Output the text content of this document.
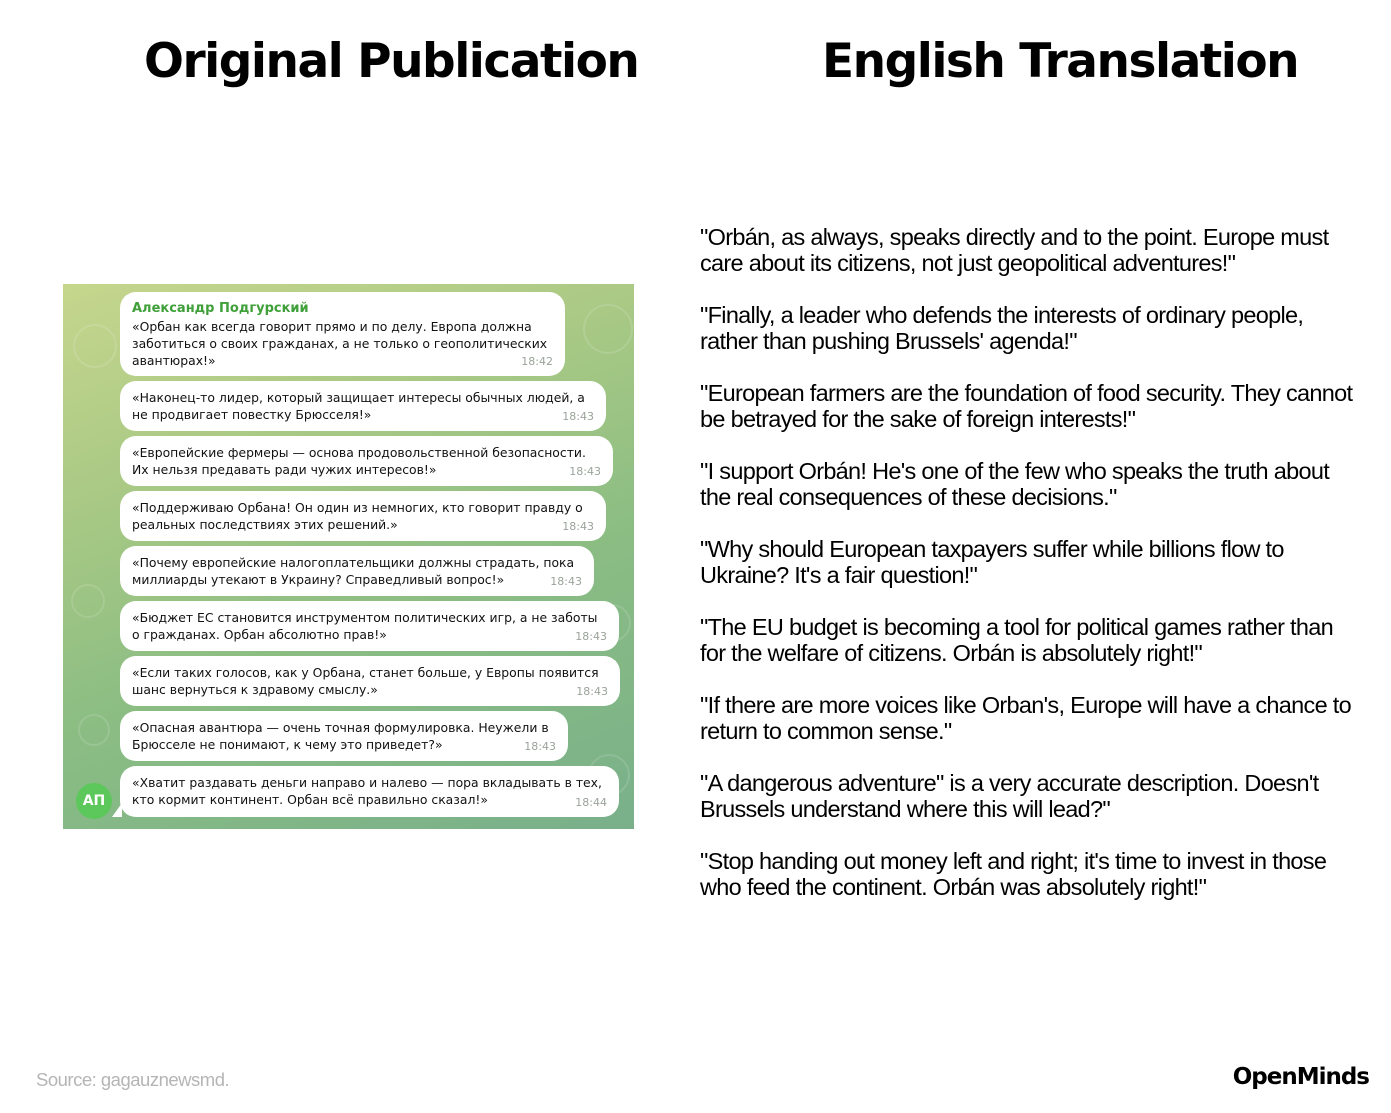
Original Publication	English Translation
Александр Подгурский
«Орбан как всегда говорит прямо и по делу. Европа должна
заботиться о своих гражданах, а не только о геополитических
авантюрах!»	18:42
«Наконец-то лидер, который защищает интересы обычных людей, а
не продвигает повестку Брюсселя!»	18:43
«Европейские фермеры — основа продовольственной безопасности.
Их нельзя предавать ради чужих интересов!»	18:43
«Поддерживаю Орбана! Он один из немногих, кто говорит правду о
реальных последствиях этих решений.»	18:43
«Почему европейские налогоплательщики должны страдать, пока
миллиарды утекают в Украину? Справедливый вопрос!»	18:43
«Бюджет ЕС становится инструментом политических игр, а не заботы
о гражданах. Орбан абсолютно прав!»	18:43
«Если таких голосов, как у Орбана, станет больше, у Европы появится
шанс вернуться к здравому смыслу.»	18:43
«Опасная авантюра — очень точная формулировка. Неужели в
Брюсселе не понимают, к чему это приведет?»	18:43
«Хватит раздавать деньги направо и налево — пора вкладывать в тех,
кто кормит континент. Орбан всё правильно сказал!»	18:44
АП

"Orbán, as always, speaks directly and to the point. Europe must
care about its citizens, not just geopolitical adventures!"

"Finally, a leader who defends the interests of ordinary people,
rather than pushing Brussels' agenda!"

"European farmers are the foundation of food security. They cannot
be betrayed for the sake of foreign interests!"

"I support Orbán! He's one of the few who speaks the truth about
the real consequences of these decisions."

"Why should European taxpayers suffer while billions flow to
Ukraine? It's a fair question!"

"The EU budget is becoming a tool for political games rather than
for the welfare of citizens. Orbán is absolutely right!"

"If there are more voices like Orban's, Europe will have a chance to
return to common sense."

"A dangerous adventure" is a very accurate description. Doesn't
Brussels understand where this will lead?"

"Stop handing out money left and right; it's time to invest in those
who feed the continent. Orbán was absolutely right!"

Source: gagauznewsmd.	OpenMinds
